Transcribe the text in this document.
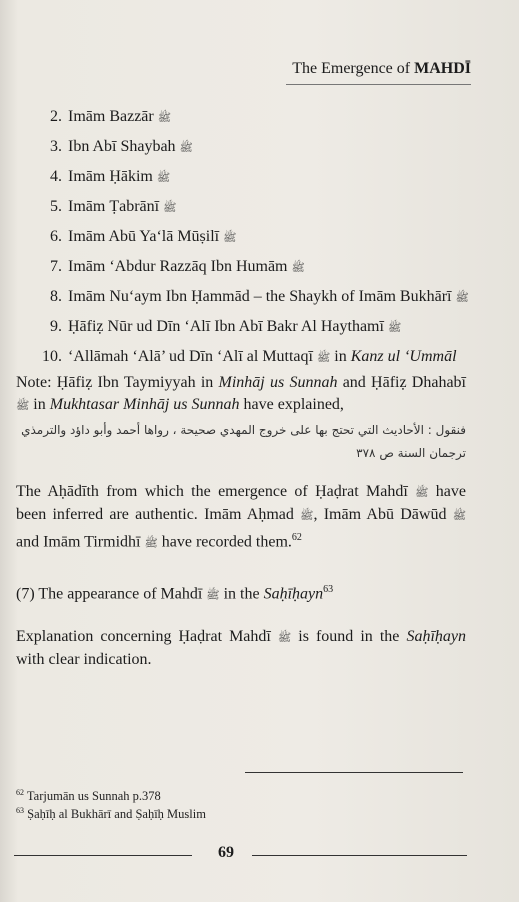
The Emergence of MAHDĪ
2. Imām Bazzār ﷺ
3. Ibn Abī Shaybah ﷺ
4. Imām Ḥākim ﷺ
5. Imām Ṭabrānī ﷺ
6. Imām Abū Ya‘lā Mūṣilī ﷺ
7. Imām ‘Abdur Razzāq Ibn Humām ﷺ
8. Imām Nu‘aym Ibn Ḥammād – the Shaykh of Imām Bukhārī ﷺ
9. Ḥāfiẓ Nūr ud Dīn ‘Alī Ibn Abī Bakr Al Haythamī ﷺ
10. ‘Allāmah ‘Alā’ ud Dīn ‘Alī al Muttaqī ﷺ in Kanz ul ‘Ummāl
Note: Ḥāfiẓ Ibn Taymiyyah in Minhāj us Sunnah and Ḥāfiẓ Dhahabī ﷺ in Mukhtasar Minhāj us Sunnah have explained,
فنقول : الأحاديث التي تحتج بها على خروج المهدي صحيحة ، رواها أحمد وأبو داؤد والترمذي
ترجمان السنة ص ٣٧٨
The Aḥādīth from which the emergence of Ḥaḍrat Mahdī ﷺ have been inferred are authentic. Imām Aḥmad ﷺ, Imām Abū Dāwūd ﷺ and Imām Tirmidhī ﷺ have recorded them.$^{62}$
(7) The appearance of Mahdī ﷺ in the Saḥīḥayn$^{63}$
Explanation concerning Ḥaḍrat Mahdī ﷺ is found in the Saḥīḥayn with clear indication.
$^{62}$ Tarjumān us Sunnah p.378
$^{63}$ Ṣaḥīḥ al Bukhārī and Ṣaḥīḥ Muslim
69
